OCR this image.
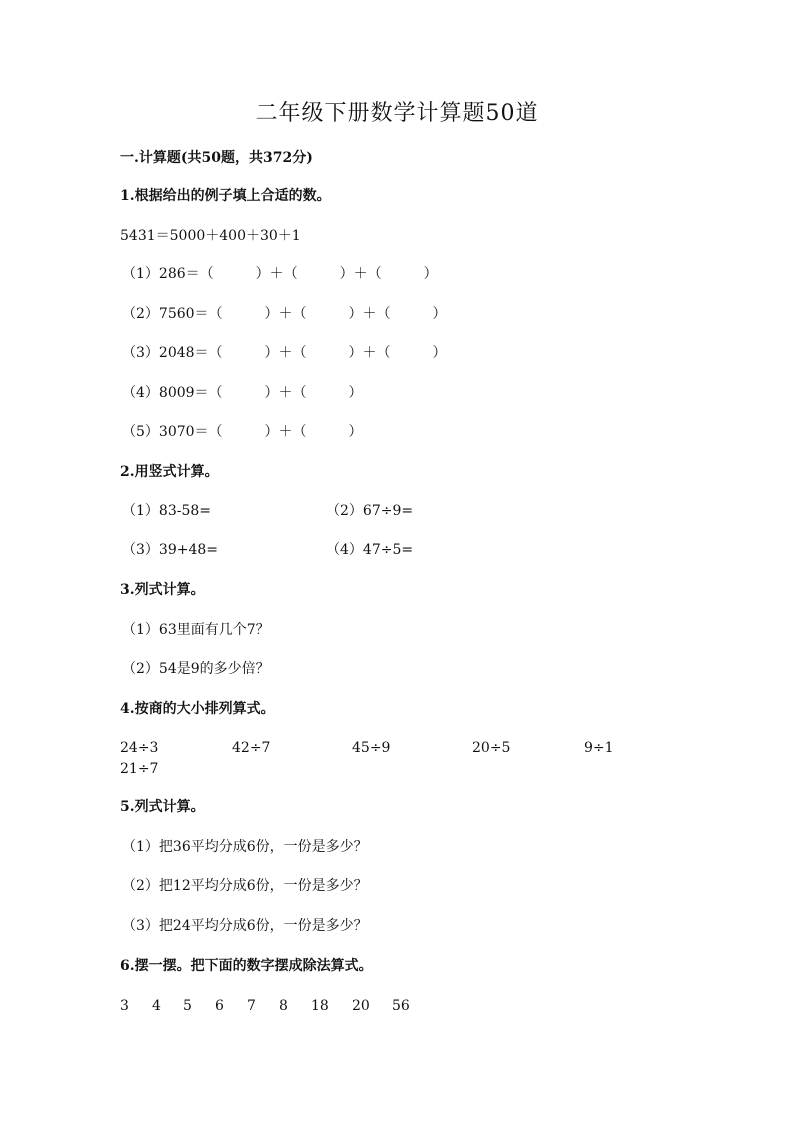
二年级下册数学计算题50道
一.计算题(共50题，共372分)
1.根据给出的例子填上合适的数。
5431＝5000＋400＋30＋1
（1）286＝（　　　）＋（　　　）＋（　　　）
（2）7560＝（　　　）＋（　　　）＋（　　　）
（3）2048＝（　　　）＋（　　　）＋（　　　）
（4）8009＝（　　　）＋（　　　）
（5）3070＝（　　　）＋（　　　）
2.用竖式计算。
（1）83-58=	（2）67÷9=
（3）39+48=	（4）47÷5=
3.列式计算。
（1）63里面有几个7？
（2）54是9的多少倍？
4.按商的大小排列算式。
24÷3	42÷7	45÷9	20÷5	9÷1
21÷7
5.列式计算。
（1）把36平均分成6份，一份是多少？
（2）把12平均分成6份，一份是多少？
（3）把24平均分成6份，一份是多少？
6.摆一摆。把下面的数字摆成除法算式。
3 4 5 6 7 8 18 20 56
